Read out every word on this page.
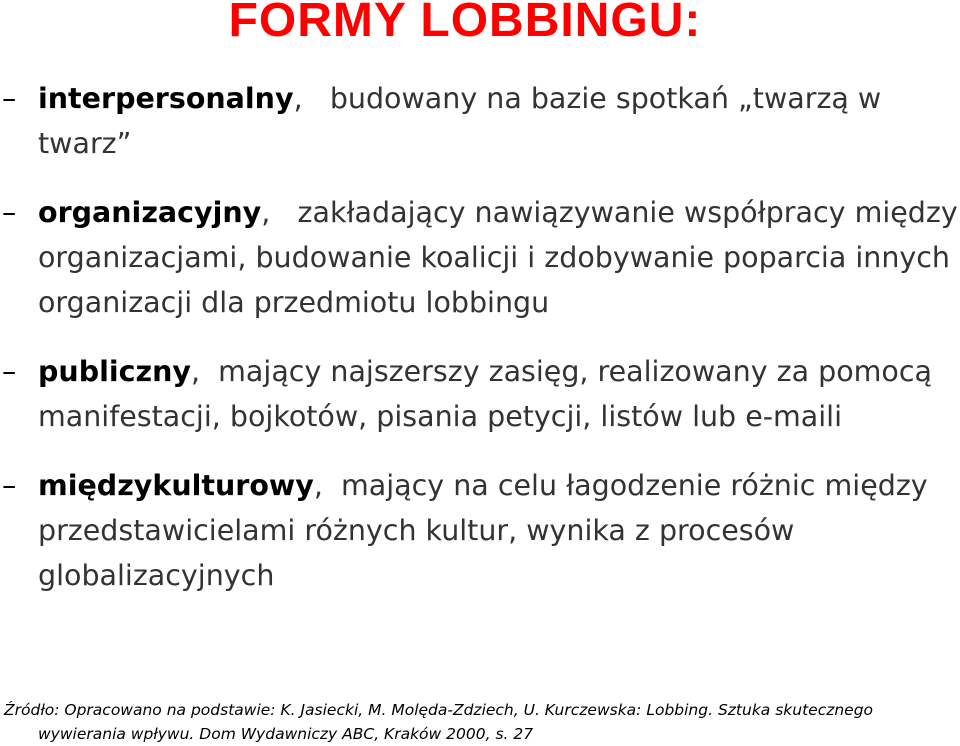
FORMY LOBBINGU:
– interpersonalny,   budowany na bazie spotkań „twarzą w twarz”
– organizacyjny,   zakładający nawiązywanie współpracy między organizacjami, budowanie koalicji i zdobywanie poparcia innych organizacji dla przedmiotu lobbingu
– publiczny,  mający najszerszy zasięg, realizowany za pomocą manifestacji, bojkotów, pisania petycji, listów lub e-maili
– międzykulturowy,  mający na celu łagodzenie różnic między przedstawicielami różnych kultur, wynika z procesów globalizacyjnych
Źródło: Opracowano na podstawie: K. Jasiecki, M. Molęda-Zdziech, U. Kurczewska: Lobbing. Sztuka skutecznego
wywierania wpływu. Dom Wydawniczy ABC, Kraków 2000, s. 27
